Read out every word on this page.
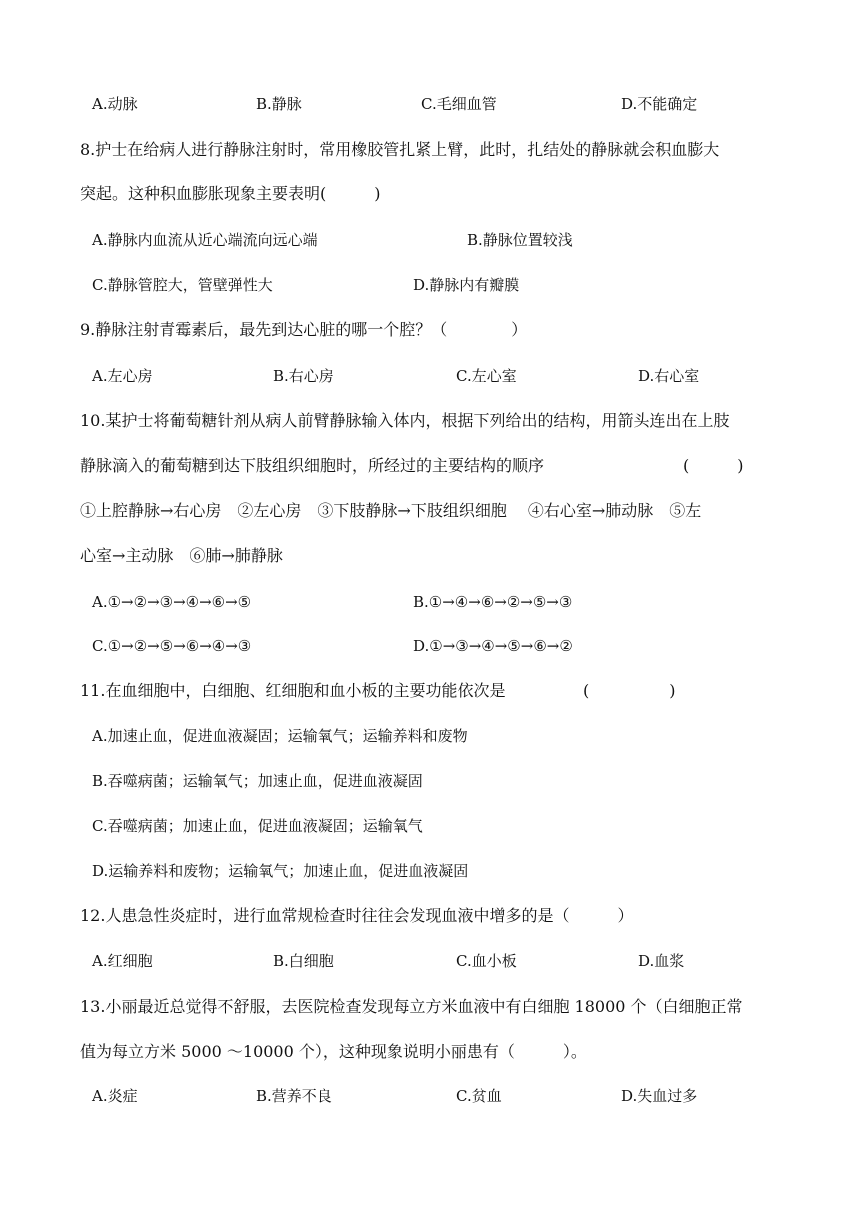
A.动脉	B.静脉	C.毛细血管	D.不能确定
8.护士在给病人进行静脉注射时，常用橡胶管扎紧上臂，此时，扎结处的静脉就会积血膨大
突起。这种积血膨胀现象主要表明(　　　)
A.静脉内血流从近心端流向远心端	B.静脉位置较浅
C.静脉管腔大，管壁弹性大	D.静脉内有瓣膜
9.静脉注射青霉素后，最先到达心脏的哪一个腔？（　　　　）
A.左心房	B.右心房	C.左心室	D.右心室
10.某护士将葡萄糖针剂从病人前臂静脉输入体内，根据下列给出的结构，用箭头连出在上肢
静脉滴入的葡萄糖到达下肢组织细胞时，所经过的主要结构的顺序	(　　　)
①上腔静脉→右心房　②左心房　③下肢静脉→下肢组织细胞　 ④右心室→肺动脉　⑤左
心室→主动脉　⑥肺→肺静脉
A.①→②→③→④→⑥→⑤	B.①→④→⑥→②→⑤→③
C.①→②→⑤→⑥→④→③	D.①→③→④→⑤→⑥→②
11.在血细胞中，白细胞、红细胞和血小板的主要功能依次是	(　　　　　)
A.加速止血，促进血液凝固；运输氧气；运输养料和废物
B.吞噬病菌；运输氧气；加速止血，促进血液凝固
C.吞噬病菌；加速止血，促进血液凝固；运输氧气
D.运输养料和废物；运输氧气；加速止血，促进血液凝固
12.人患急性炎症时，进行血常规检查时往往会发现血液中增多的是（　　　）
A.红细胞	B.白细胞	C.血小板	D.血浆
13.小丽最近总觉得不舒服，去医院检查发现每立方米血液中有白细胞 18000 个（白细胞正常
值为每立方米 5000 ～10000 个），这种现象说明小丽患有（　　　）。
A.炎症	B.营养不良	C.贫血	D.失血过多
